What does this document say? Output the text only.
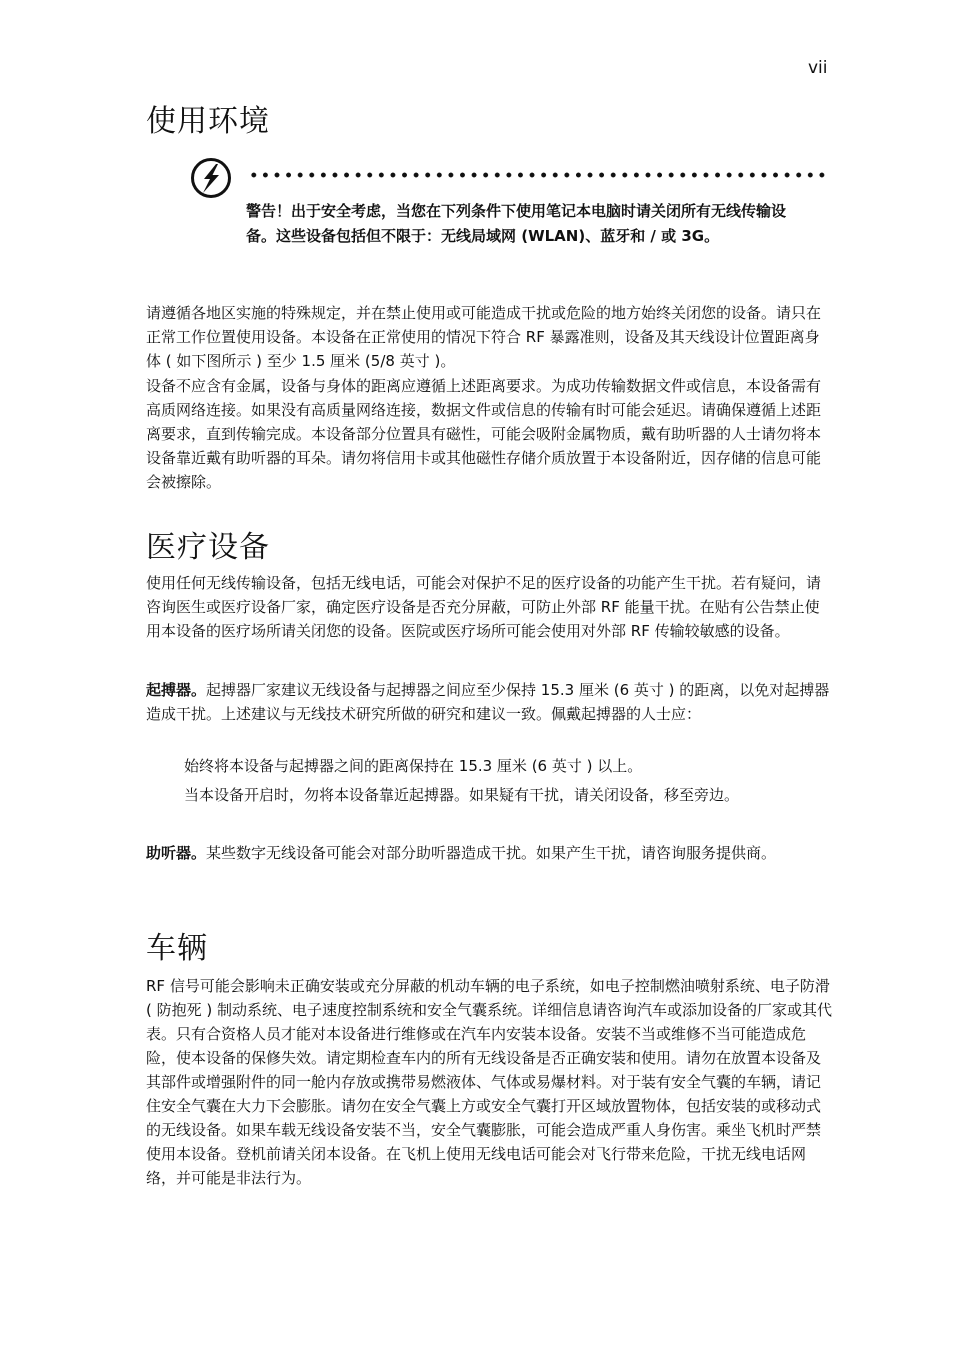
vii
使用环境
警告！出于安全考虑，当您在下列条件下使用笔记本电脑时请关闭所有无线传输设备。这些设备包括但不限于：无线局域网 (WLAN)、蓝牙和 / 或 3G。

请遵循各地区实施的特殊规定，并在禁止使用或可能造成干扰或危险的地方始终关闭您的设备。请只在正常工作位置使用设备。本设备在正常使用的情况下符合 RF 暴露准则，设备及其天线设计位置距离身体 ( 如下图所示 ) 至少 1.5 厘米 (5/8 英寸 )。

设备不应含有金属，设备与身体的距离应遵循上述距离要求。为成功传输数据文件或信息，本设备需有高质网络连接。如果没有高质量网络连接，数据文件或信息的传输有时可能会延迟。请确保遵循上述距离要求，直到传输完成。本设备部分位置具有磁性，可能会吸附金属物质，戴有助听器的人士请勿将本设备靠近戴有助听器的耳朵。请勿将信用卡或其他磁性存储介质放置于本设备附近，因存储的信息可能会被擦除。

医疗设备

使用任何无线传输设备，包括无线电话，可能会对保护不足的医疗设备的功能产生干扰。若有疑问，请咨询医生或医疗设备厂家，确定医疗设备是否充分屏蔽，可防止外部 RF 能量干扰。在贴有公告禁止使用本设备的医疗场所请关闭您的设备。医院或医疗场所可能会使用对外部 RF 传输较敏感的设备。

起搏器。起搏器厂家建议无线设备与起搏器之间应至少保持 15.3 厘米 (6 英寸 ) 的距离，以免对起搏器造成干扰。上述建议与无线技术研究所做的研究和建议一致。佩戴起搏器的人士应：

始终将本设备与起搏器之间的距离保持在 15.3 厘米 (6 英寸 ) 以上。

当本设备开启时，勿将本设备靠近起搏器。如果疑有干扰，请关闭设备，移至旁边。

助听器。某些数字无线设备可能会对部分助听器造成干扰。如果产生干扰，请咨询服务提供商。

车辆

RF 信号可能会影响未正确安装或充分屏蔽的机动车辆的电子系统，如电子控制燃油喷射系统、电子防滑 ( 防抱死 ) 制动系统、电子速度控制系统和安全气囊系统。详细信息请咨询汽车或添加设备的厂家或其代表。只有合资格人员才能对本设备进行维修或在汽车内安装本设备。安装不当或维修不当可能造成危险，使本设备的保修失效。请定期检查车内的所有无线设备是否正确安装和使用。请勿在放置本设备及其部件或增强附件的同一舱内存放或携带易燃液体、气体或易爆材料。对于装有安全气囊的车辆，请记住安全气囊在大力下会膨胀。请勿在安全气囊上方或安全气囊打开区域放置物体，包括安装的或移动式的无线设备。如果车载无线设备安装不当，安全气囊膨胀，可能会造成严重人身伤害。乘坐飞机时严禁使用本设备。登机前请关闭本设备。在飞机上使用无线电话可能会对飞行带来危险，干扰无线电话网络，并可能是非法行为。
